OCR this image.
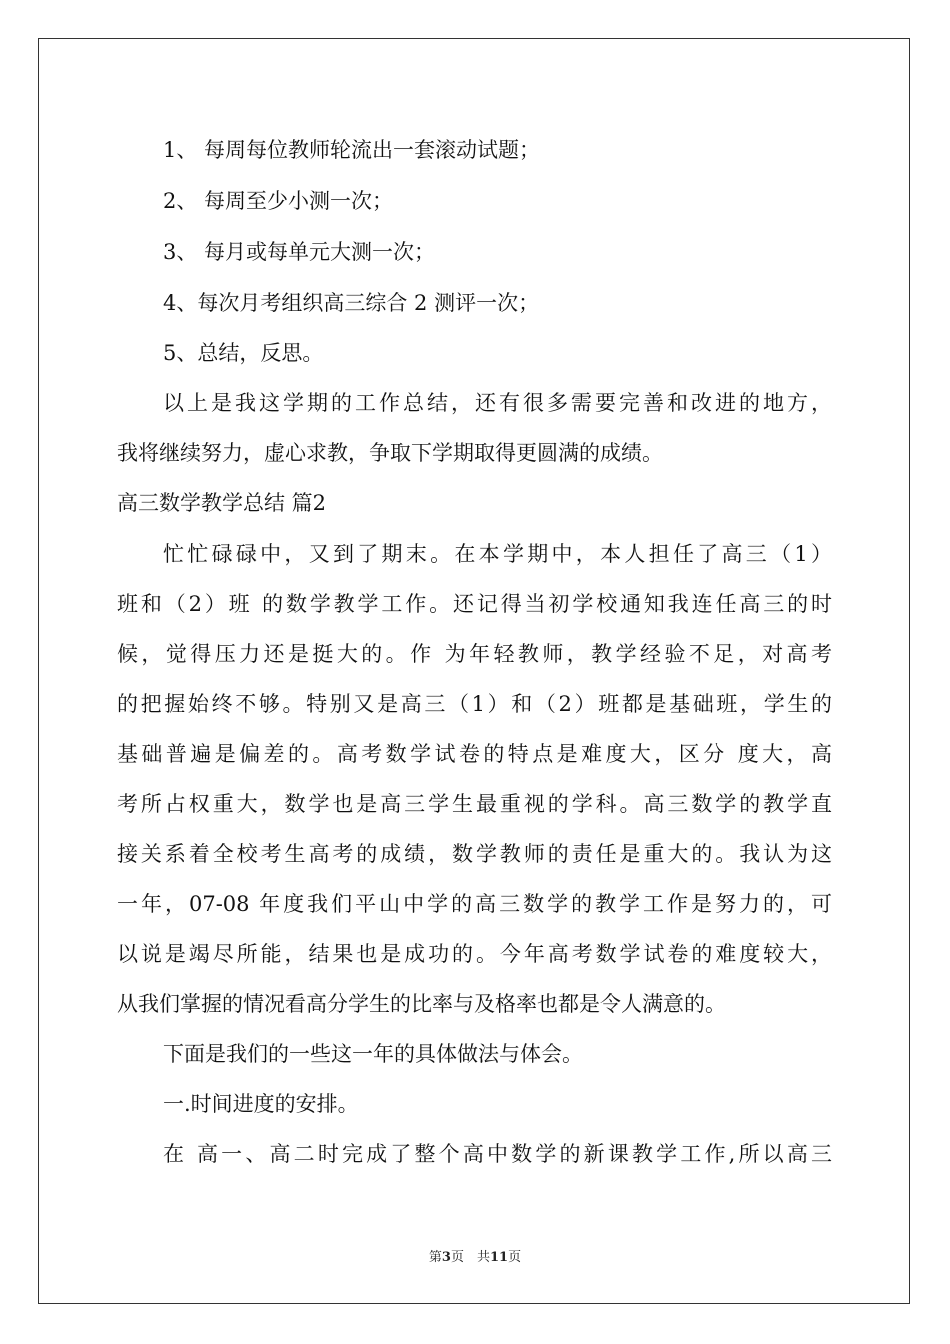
1、 每周每位教师轮流出一套滚动试题；
2、 每周至少小测一次；
3、 每月或每单元大测一次；
4、每次月考组织高三综合 2 测评一次；
5、总结，反思。
以上是我这学期的工作总结，还有很多需要完善和改进的地方，
我将继续努力，虚心求教，争取下学期取得更圆满的成绩。
高三数学教学总结 篇2
忙忙碌碌中，又到了期末。在本学期中，本人担任了高三（1）
班和（2）班 的数学教学工作。还记得当初学校通知我连任高三的时
候，觉得压力还是挺大的。作 为年轻教师，教学经验不足，对高考
的把握始终不够。特别又是高三（1）和（2）班都是基础班，学生的
基础普遍是偏差的。高考数学试卷的特点是难度大，区分 度大，高
考所占权重大，数学也是高三学生最重视的学科。高三数学的教学直
接关系着全校考生高考的成绩，数学教师的责任是重大的。我认为这
一年，07-08 年度我们平山中学的高三数学的教学工作是努力的，可
以说是竭尽所能，结果也是成功的。今年高考数学试卷的难度较大，
从我们掌握的情况看高分学生的比率与及格率也都是令人满意的。
下面是我们的一些这一年的具体做法与体会。
一.时间进度的安排。
在 高一、高二时完成了整个高中数学的新课教学工作,所以高三
第3页　共11页
